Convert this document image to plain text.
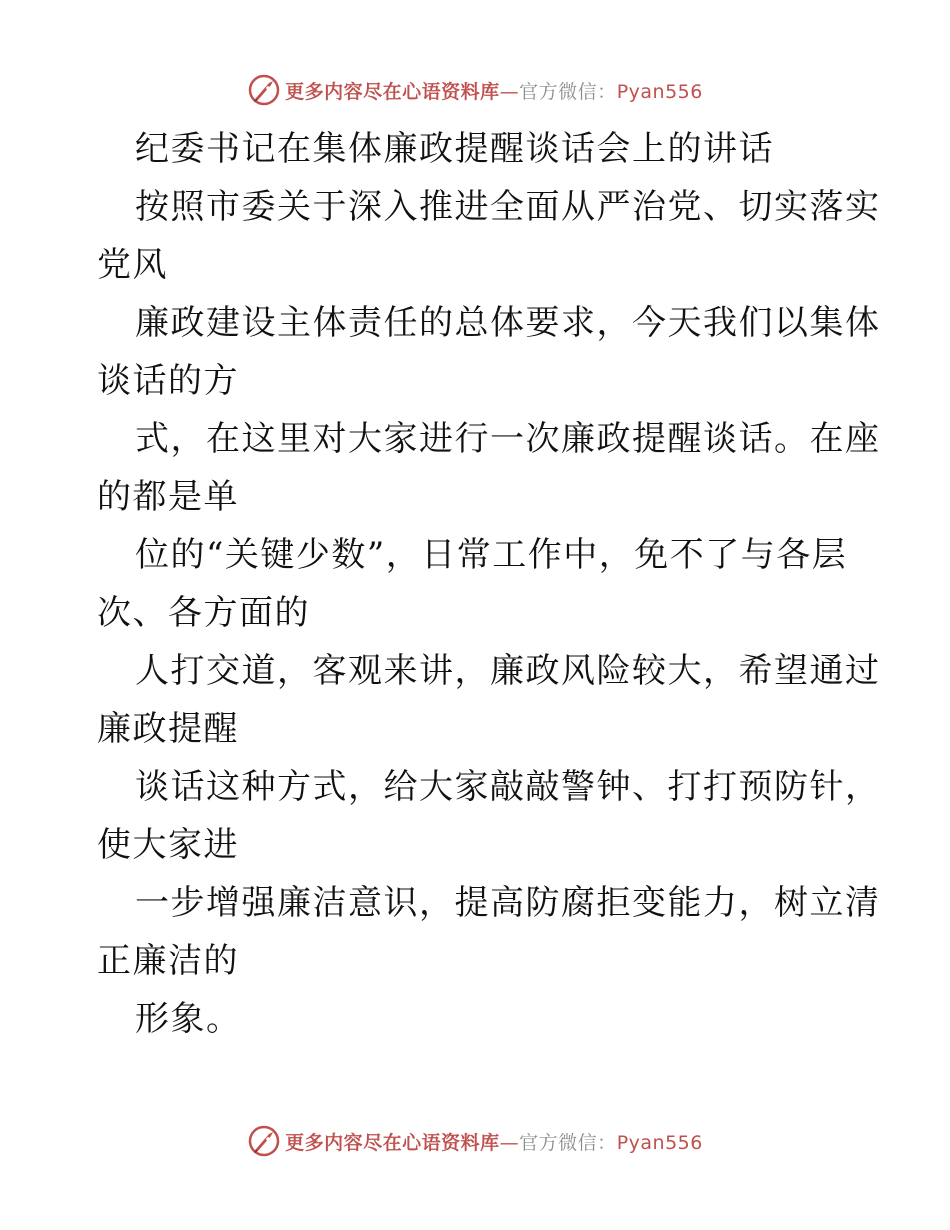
更多内容尽在心语资料库—官方微信：Pyan556
纪委书记在集体廉政提醒谈话会上的讲话
按照市委关于深入推进全面从严治党、切实落实
党风
廉政建设主体责任的总体要求，今天我们以集体
谈话的方
式，在这里对大家进行一次廉政提醒谈话。在座
的都是单
位的“关键少数”，日常工作中，免不了与各层
次、各方面的
人打交道，客观来讲，廉政风险较大，希望通过
廉政提醒
谈话这种方式，给大家敲敲警钟、打打预防针，
使大家进
一步增强廉洁意识，提高防腐拒变能力，树立清
正廉洁的
形象。
更多内容尽在心语资料库—官方微信：Pyan556
